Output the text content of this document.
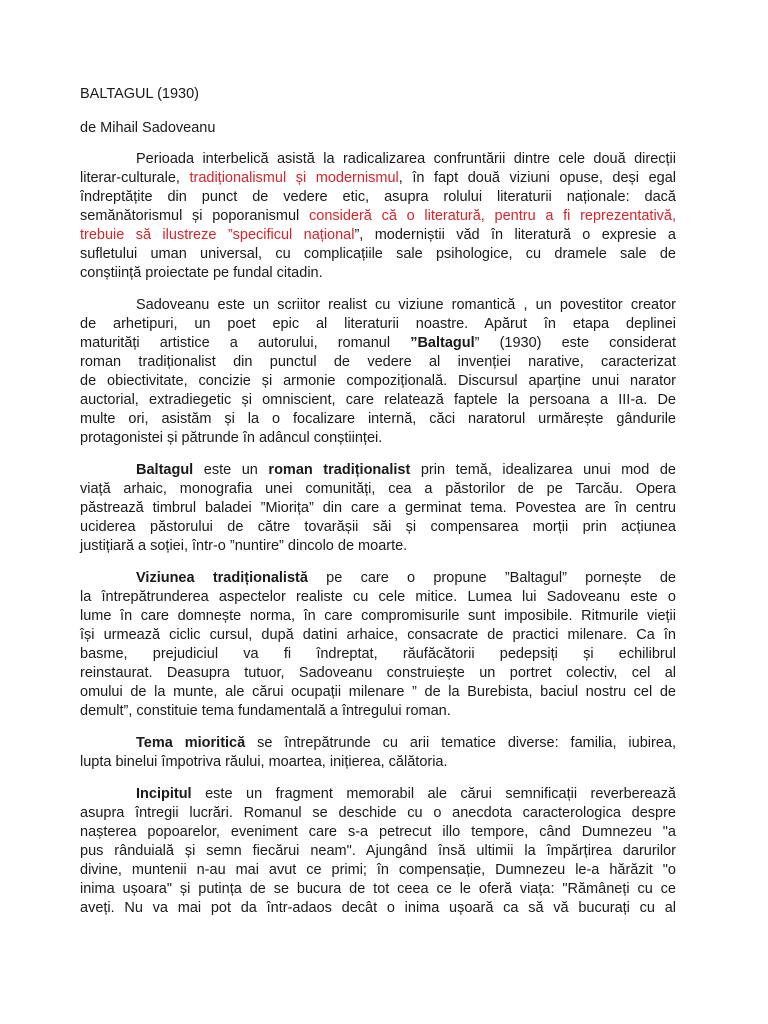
BALTAGUL (1930)
de Mihail Sadoveanu
Perioada interbelică asistă la radicalizarea confruntării dintre cele două direcții
literar-culturale, tradiționalismul și modernismul, în fapt două viziuni opuse, deși egal
îndreptățite din punct de vedere etic, asupra rolului literaturii naționale: dacă
semănătorismul și poporanismul consideră că o literatură, pentru a fi reprezentativă,
trebuie să ilustreze ”specificul național”, moderniștii văd în literatură o expresie a
sufletului uman universal, cu complicațiile sale psihologice, cu dramele sale de
conștiință proiectate pe fundal citadin.
Sadoveanu este un scriitor realist cu viziune romantică , un povestitor creator
de arhetipuri, un poet epic al literaturii noastre. Apărut în etapa deplinei
maturități artistice a autorului, romanul ”Baltagul” (1930) este considerat
roman tradiționalist din punctul de vedere al invenției narative, caracterizat
de obiectivitate, concizie și armonie compozițională. Discursul aparține unui narator
auctorial, extradiegetic și omniscient, care relatează faptele la persoana a III-a. De
multe ori, asistăm și la o focalizare internă, căci naratorul urmărește gândurile
protagonistei și pătrunde în adâncul conștiinței.
Baltagul este un roman tradiționalist prin temă, idealizarea unui mod de
viață arhaic, monografia unei comunități, cea a păstorilor de pe Tarcău. Opera
păstrează timbrul baladei ”Miorița” din care a germinat tema. Povestea are în centru
uciderea păstorului de către tovarășii săi și compensarea morții prin acțiunea
justițiară a soției, într-o ”nuntire” dincolo de moarte.
Viziunea tradiționalistă pe care o propune ”Baltagul” pornește de
la întrepătrunderea aspectelor realiste cu cele mitice. Lumea lui Sadoveanu este o
lume în care domnește norma, în care compromisurile sunt imposibile. Ritmurile vieții
își urmează ciclic cursul, după datini arhaice, consacrate de practici milenare. Ca în
basme, prejudiciul va fi îndreptat, răufăcătorii pedepsiți și echilibrul
reinstaurat. Deasupra tutuor, Sadoveanu construiește un portret colectiv, cel al
omului de la munte, ale cărui ocupații milenare ” de la Burebista, baciul nostru cel de
demult”, constituie tema fundamentală a întregului roman.
Tema mioritică se întrepătrunde cu arii tematice diverse: familia, iubirea,
lupta binelui împotriva răului, moartea, inițierea, călătoria.
Incipitul este un fragment memorabil ale cărui semnificații reverberează
asupra întregii lucrări. Romanul se deschide cu o anecdota caracterologica despre
nașterea popoarelor, eveniment care s-a petrecut illo tempore, când Dumnezeu "a
pus rânduială și semn fiecărui neam". Ajungând însă ultimii la împărțirea darurilor
divine, muntenii n-au mai avut ce primi; în compensație, Dumnezeu le-a hărăzit "o
inima ușoara" și putința de se bucura de tot ceea ce le oferă viața: "Rămâneți cu ce
aveți. Nu va mai pot da într-adaos decât o inima ușoară ca să vă bucurați cu al
